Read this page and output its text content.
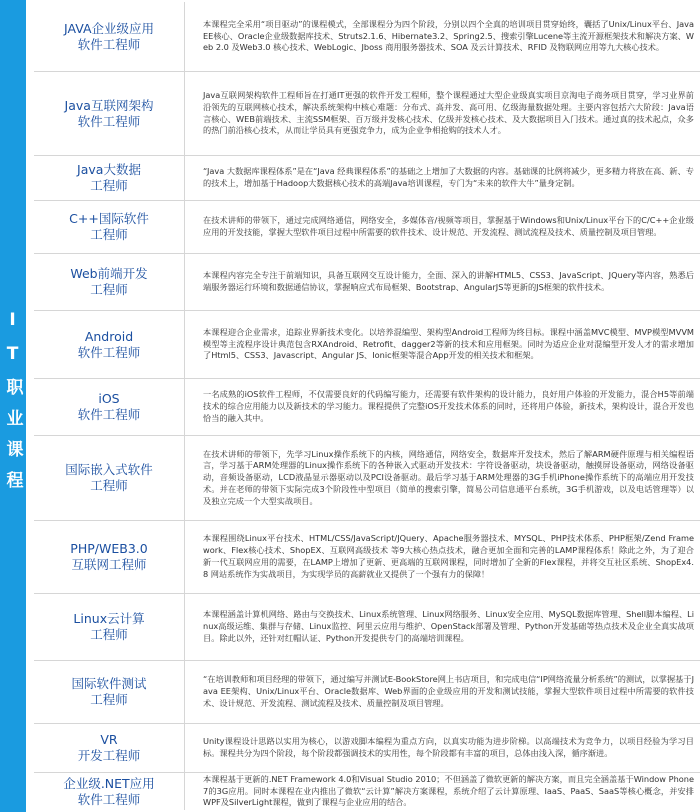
IT职业课程
JAVA企业级应用
软件工程师
本课程完全采用“项目驱动”的课程模式，全部课程分为四个阶段，分别以四个全真的培训项目贯穿始终，囊括了Unix/Linux平台、Java EE核心、Oracle企业级数据库技术、Struts2.1.6、Hibernate3.2、Spring2.5、搜索引擎Lucene等主流开源框架技术和解决方案、Web 2.0 及Web3.0 核心技术、WebLogic、Jboss 商用服务器技术、SOA 及云计算技术、RFID 及物联网应用等九大核心技术。
Java互联网架构
软件工程师
Java互联网架构软件工程师旨在打通IT更强的软件开发工程师，整个课程通过大型企业级真实项目京淘电子商务项目贯穿，学习业界前沿领先的互联网核心技术，解决系统架构中核心难题：分布式、高并发、高可用、亿级海量数据处理。主要内容包括六大阶段：Java语言核心、WEB前端技术、主流SSM框架、百万级并发核心技术、亿级并发核心技术、及大数据项目入门技术。通过真的技术起点，众多的热门前沿核心技术，从而让学员具有更强竞争力，成为企业争相抢购的技术人才。
Java大数据
工程师
“Java 大数据库课程体系”是在“Java 经典课程体系”的基础之上增加了大数据的内容。基础课的比例将减少，更多精力将放在高、新、专的技术上，增加基于Hadoop大数据核心技术的高端Java培训课程，专门为“未来的软件大牛”量身定制。
C++国际软件
工程师
在技术讲师的带领下，通过完成网络通信，网络安全，多媒体音/视频等项目，掌握基于Windows和Unix/Linux平台下的C/C++企业级应用的开发技能，掌握大型软件项目过程中所需要的软件技术、设计规范、开发流程、测试流程及技术、质量控制及项目管理。
Web前端开发
工程师
本课程内容完全专注于前端知识，具备互联网交互设计能力，全面、深入的讲解HTML5、CSS3、JavaScript、JQuery等内容，熟悉后端服务器运行环境和数据通信协议，掌握响应式布局框架、Bootstrap、AngularJS等更新的JS框架的软件技术。
Android
软件工程师
本课程迎合企业需求，追踪业界新技术变化。以培养混编型、架构型Android工程师为终目标。课程中涵盖MVC模型、MVP模型MVVM模型等主流程序设计典范包含RXAndroid、Retrofit、dagger2等新的技术和应用框架。同时为适应企业对混编型开发人才的需求增加了Html5、CSS3、Javascript、Angular JS、Ionic框架等混合App开发的相关技术和框架。
iOS
软件工程师
一名成熟的iOS软件工程师，不仅需要良好的代码编写能力，还需要有软件架构的设计能力，良好用户体验的开发能力，混合H5等前端技术的综合应用能力以及新技术的学习能力。课程提供了完整iOS开发技术体系的同时，还将用户体验，新技术，架构设计，混合开发也恰当的融入其中。
国际嵌入式软件
工程师
在技术讲师的带领下，先学习Linux操作系统下的内核，网络通信，网络安全，数据库开发技术，然后了解ARM硬件原理与相关编程语言，学习基于ARM处理器的Linux操作系统下的各种嵌入式驱动开发技术：字符设备驱动，块设备驱动，触摸屏设备驱动，网络设备驱动，音频设备驱动，LCD液晶显示器驱动以及PCI设备驱动。最后学习基于ARM处理器的3G手机iPhone操作系统下的高端应用开发技术。并在老师的带领下实际完成3个阶段性中型项目（简单的搜索引擎，简易公司信息通平台系统，3G手机游戏，以及电话管理等）以及独立完成一个大型实战项目。
PHP/WEB3.0
互联网工程师
本课程围绕Linux平台技术、HTML/CSS/JavaScript/JQuery、Apache服务器技术、MYSQL、PHP技术体系、PHP框架/Zend Framework、Flex核心技术、ShopEX、互联网高级技术 等9大核心热点技术，融合更加全面和完善的LAMP课程体系！除此之外，为了迎合新一代互联网应用的需要，在LAMP上增加了更新、更高端的互联网课程，同时增加了全新的Flex课程，并将交互社区系统、ShopEx4.8 网站系统作为实战项目，为实现学员的高薪就业又提供了一个强有力的保障！
Linux云计算
工程师
本课程涵盖计算机网络、路由与交换技术、Linux系统管理、Linux网络服务、Linux安全应用、MySQL数据库管理、Shell脚本编程、Linux高级运维、集群与存储、Linux监控、阿里云应用与维护、OpenStack部署及管理、Python开发基础等热点技术及企业全真实战项目。除此以外，还针对红帽认证、Python开发提供专门的高端培训课程。
国际软件测试
工程师
“在培训教师和项目经理的带领下，通过编写并测试E-BookStore网上书店项目，和完成电信“IP网络流量分析系统”的测试，以掌握基于Java EE架构、Unix/Linux平台、Oracle数据库、Web界面的企业级应用的开发和测试技能，掌握大型软件项目过程中所需要的软件技术、设计规范、开发流程、测试流程及技术、质量控制及项目管理。
VR
开发工程师
Unity课程设计思路以实用为核心，以游戏脚本编程为重点方向，以真实功能为进步阶梯。以高端技术为竞争力，以项目经验为学习目标。课程共分为四个阶段，每个阶段都强调技术的实用性，每个阶段都有丰富的项目，总体由浅入深，循序渐进。
企业级.NET应用
软件工程师
本课程基于更新的.NET Framework 4.0和Visual Studio 2010；不但涵盖了微软更新的解决方案，而且完全涵盖基于Window Phone7的3G应用。同时本课程在业内推出了微软“云计算”解决方案课程，系统介绍了云计算原理、IaaS、PaaS、SaaS等核心概念，并安排WPF及SilverLight课程，做到了课程与企业应用的结合。
